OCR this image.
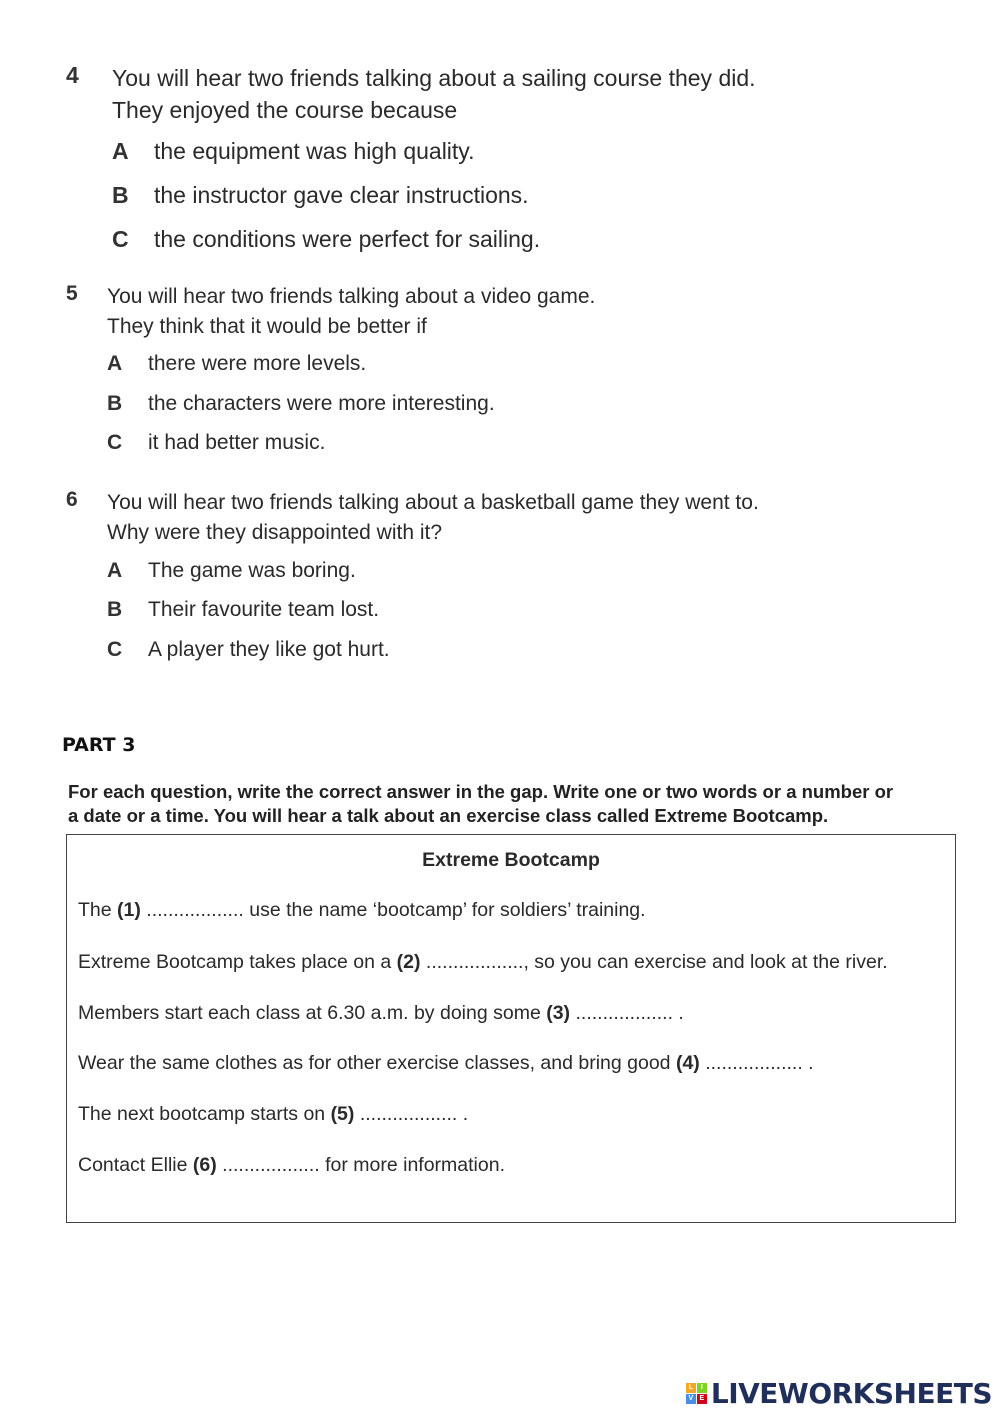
4 You will hear two friends talking about a sailing course they did.
They enjoyed the course because
A the equipment was high quality.
B the instructor gave clear instructions.
C the conditions were perfect for sailing.
5 You will hear two friends talking about a video game.
They think that it would be better if
A there were more levels.
B the characters were more interesting.
C it had better music.
6 You will hear two friends talking about a basketball game they went to.
Why were they disappointed with it?
A The game was boring.
B Their favourite team lost.
C A player they like got hurt.
PART 3
For each question, write the correct answer in the gap. Write one or two words or a number or
a date or a time. You will hear a talk about an exercise class called Extreme Bootcamp.
Extreme Bootcamp
The (1) .................. use the name ‘bootcamp’ for soldiers’ training.
Extreme Bootcamp takes place on a (2) .................., so you can exercise and look at the river.
Members start each class at 6.30 a.m. by doing some (3) .................. .
Wear the same clothes as for other exercise classes, and bring good (4) .................. .
The next bootcamp starts on (5) .................. .
Contact Ellie (6) .................. for more information.
L	I
V E LIVEWORKSHEETS
